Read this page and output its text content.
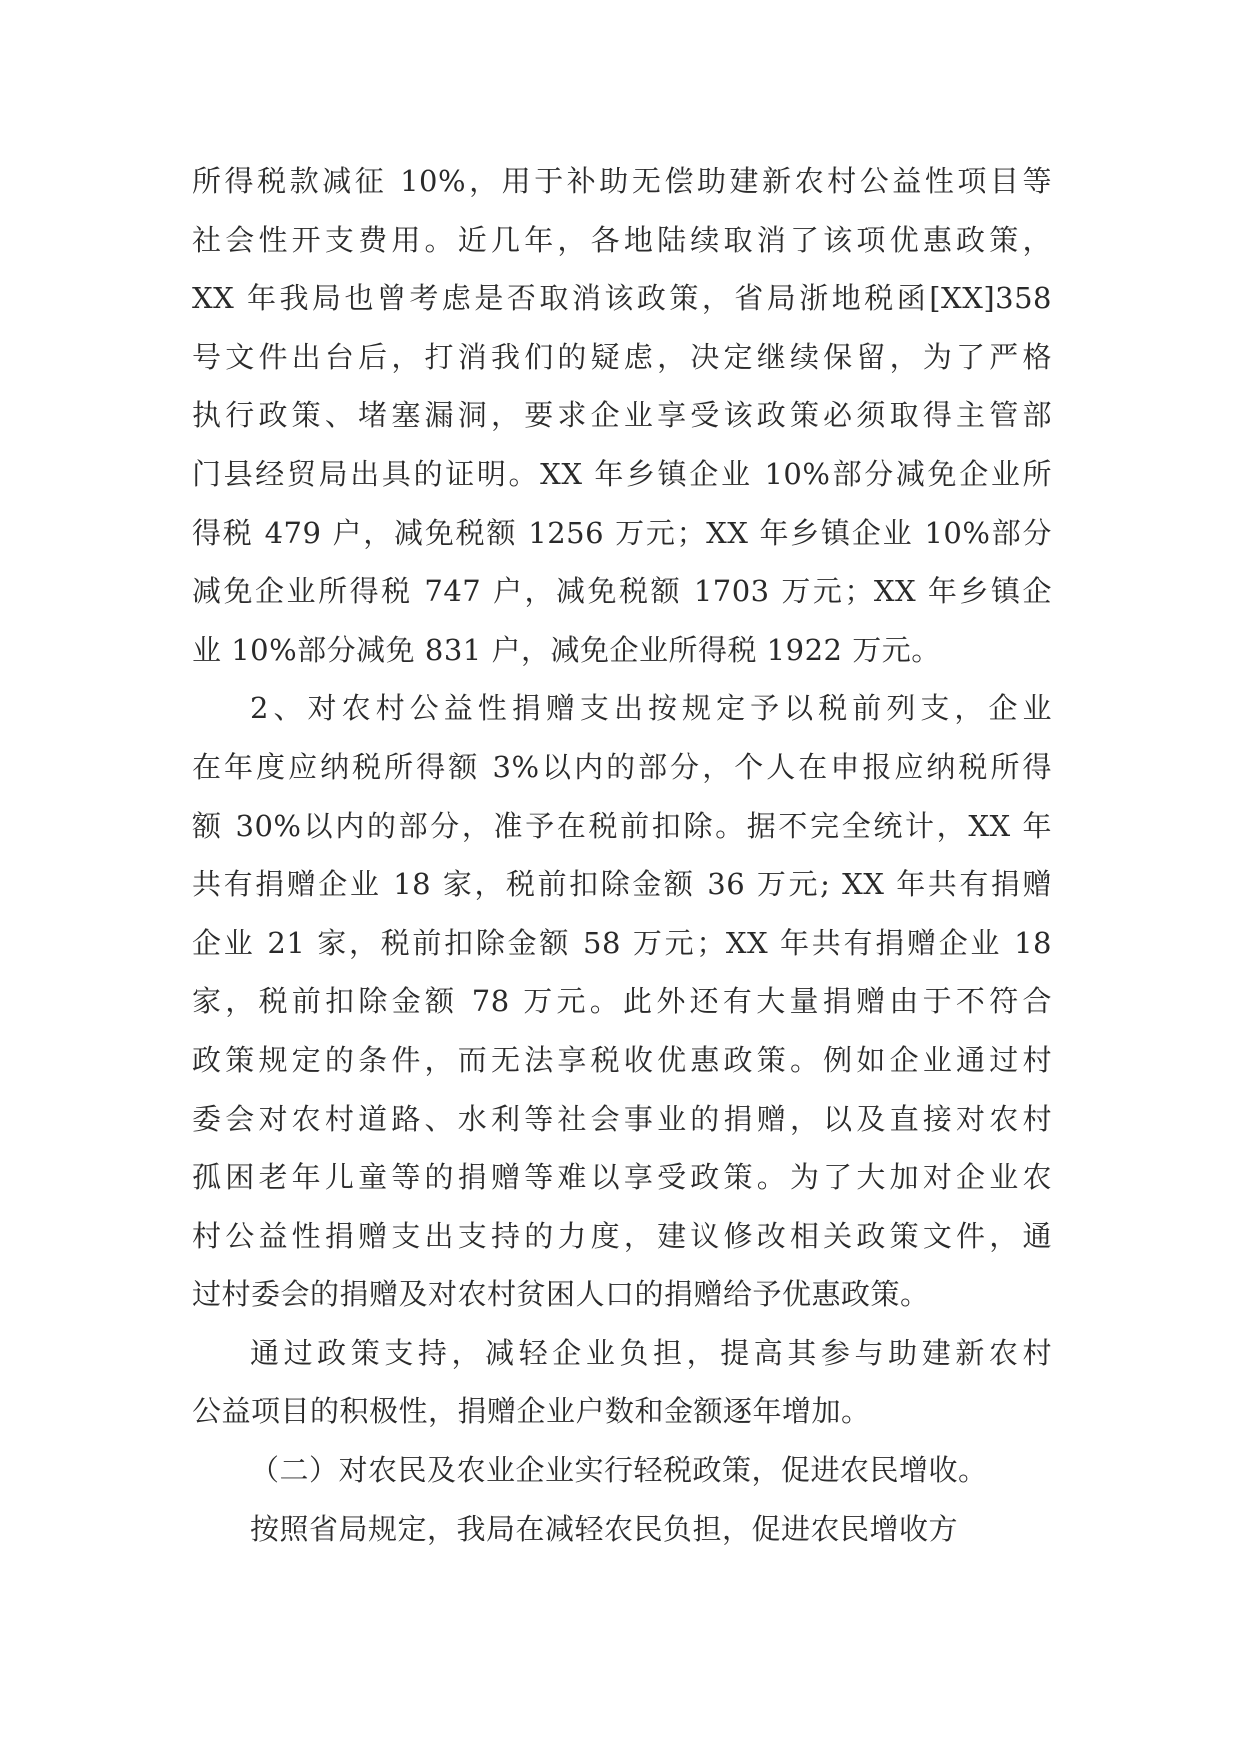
所得税款减征 10%，用于补助无偿助建新农村公益性项目等
社会性开支费用。近几年，各地陆续取消了该项优惠政策，
XX 年我局也曾考虑是否取消该政策，省局浙地税函[XX]358
号文件出台后，打消我们的疑虑，决定继续保留，为了严格
执行政策、堵塞漏洞，要求企业享受该政策必须取得主管部
门县经贸局出具的证明。XX 年乡镇企业 10%部分减免企业所
得税 479 户，减免税额 1256 万元；XX 年乡镇企业 10%部分
减免企业所得税 747 户，减免税额 1703 万元；XX 年乡镇企
业 10%部分减免 831 户，减免企业所得税 1922 万元。
2、对农村公益性捐赠支出按规定予以税前列支，企业
在年度应纳税所得额 3%以内的部分，个人在申报应纳税所得
额 30%以内的部分，准予在税前扣除。据不完全统计，XX 年
共有捐赠企业 18 家，税前扣除金额 36 万元; XX 年共有捐赠
企业 21 家，税前扣除金额 58 万元；XX 年共有捐赠企业 18
家，税前扣除金额 78 万元。此外还有大量捐赠由于不符合
政策规定的条件，而无法享税收优惠政策。例如企业通过村
委会对农村道路、水利等社会事业的捐赠，以及直接对农村
孤困老年儿童等的捐赠等难以享受政策。为了大加对企业农
村公益性捐赠支出支持的力度，建议修改相关政策文件，通
过村委会的捐赠及对农村贫困人口的捐赠给予优惠政策。
通过政策支持，减轻企业负担，提高其参与助建新农村
公益项目的积极性，捐赠企业户数和金额逐年增加。
（二）对农民及农业企业实行轻税政策，促进农民增收。
按照省局规定，我局在减轻农民负担，促进农民增收方
